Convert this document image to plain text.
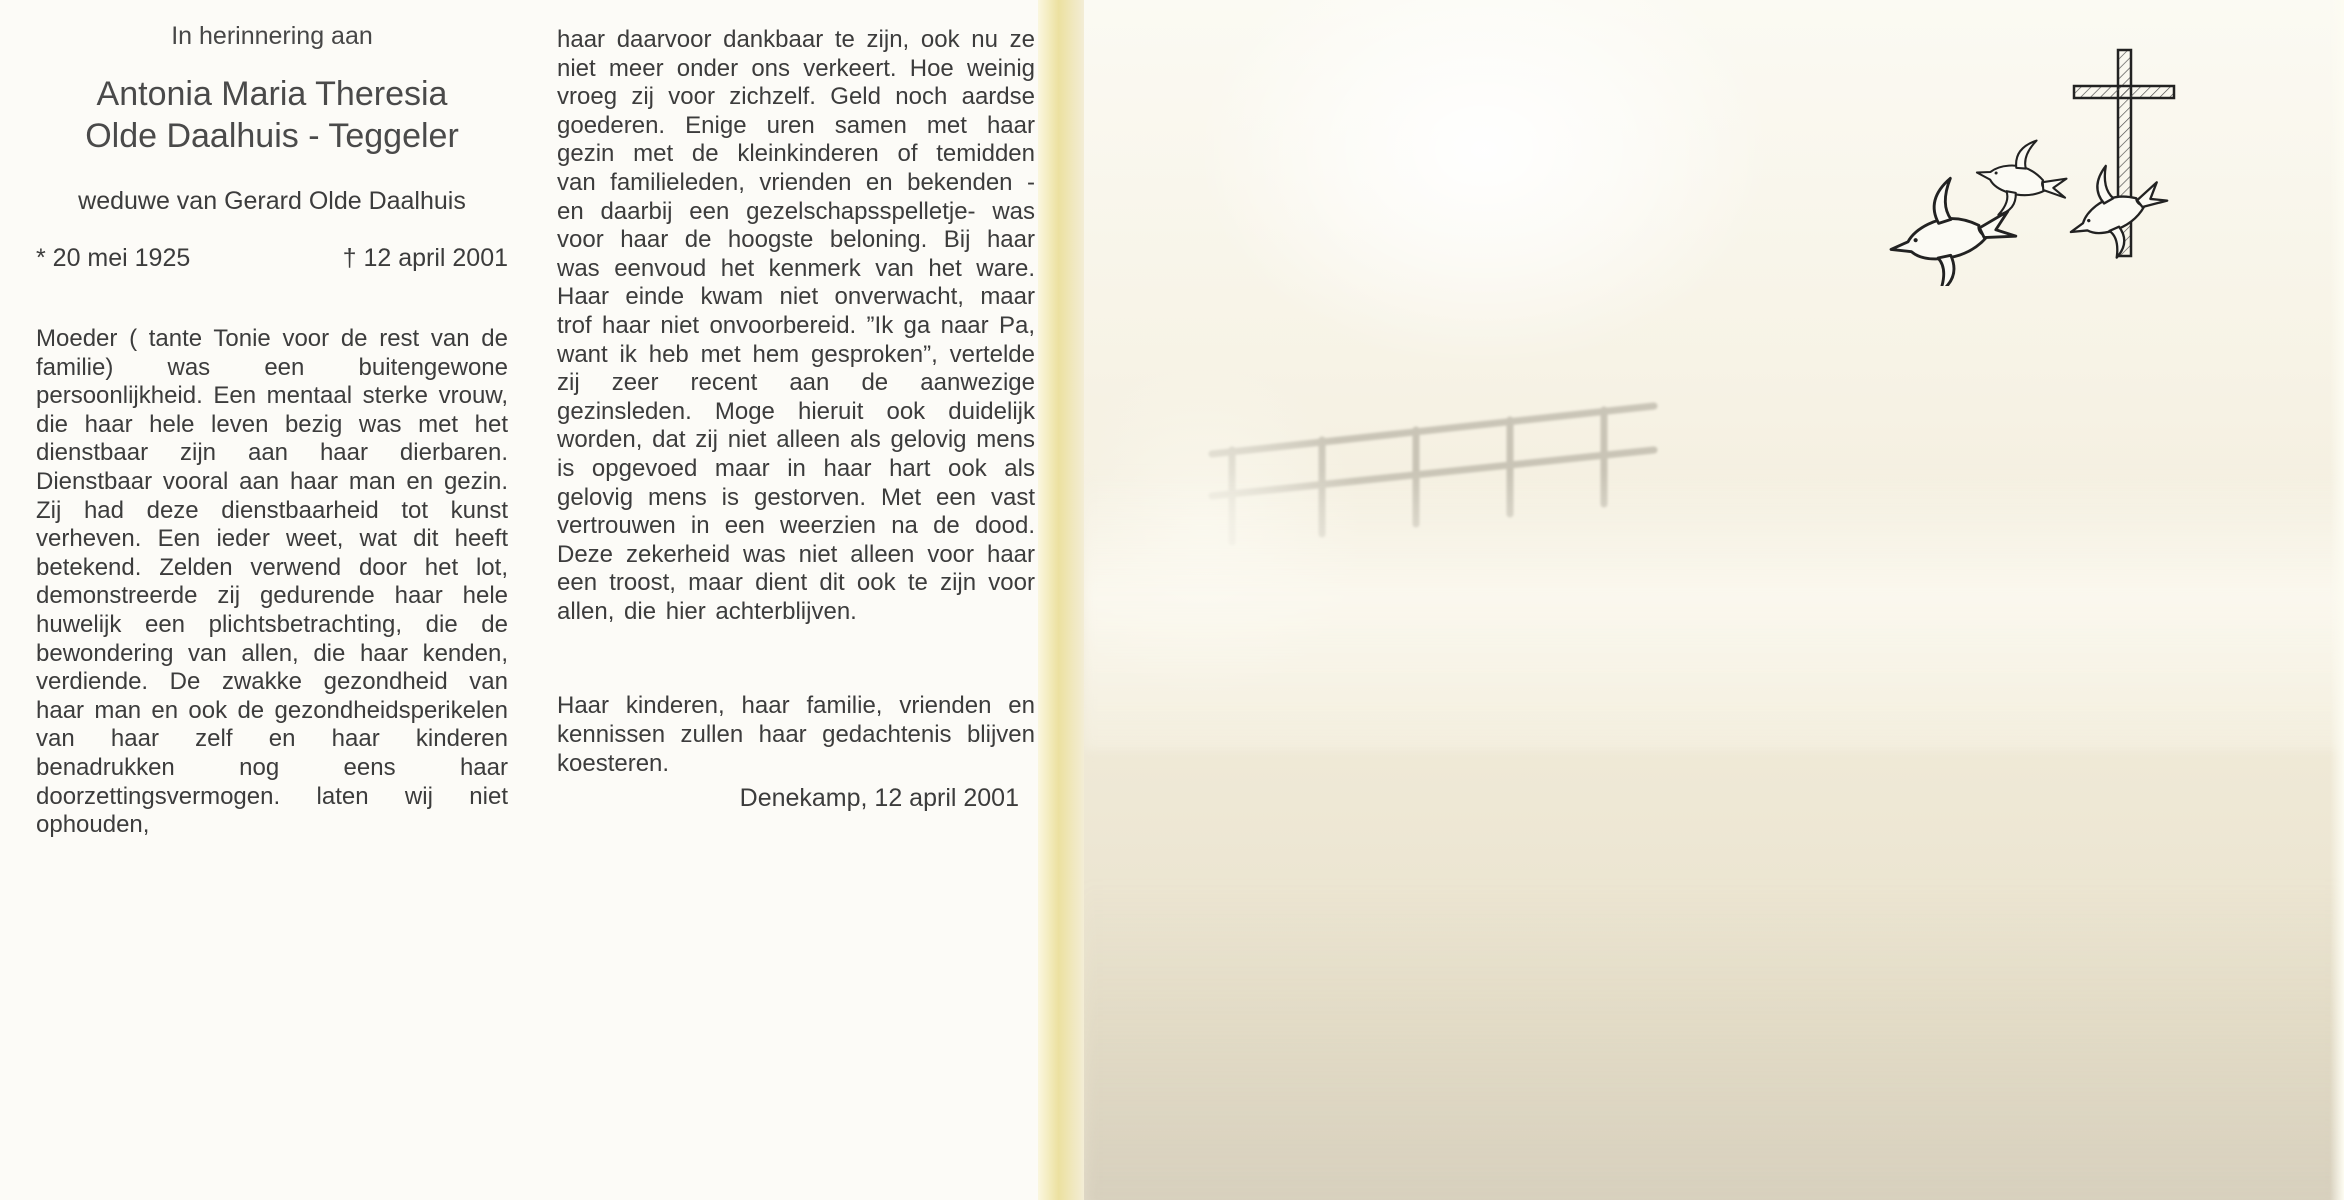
In herinnering aan
Antonia Maria Theresia
Olde Daalhuis - Teggeler
weduwe van Gerard Olde Daalhuis
* 20 mei 1925	† 12 april 2001
Moeder ( tante Tonie voor de rest van de familie) was een buitengewone persoonlijkheid. Een mentaal sterke vrouw, die haar hele leven bezig was met het dienstbaar zijn aan haar dierbaren. Dienstbaar vooral aan haar man en gezin. Zij had deze dienstbaarheid tot kunst verheven. Een ieder weet, wat dit heeft betekend. Zelden verwend door het lot, demonstreerde zij gedurende haar hele huwelijk een plichtsbetrachting, die de bewondering van allen, die haar kenden, verdiende. De zwakke gezondheid van haar man en ook de gezondheidsperikelen van haar zelf en haar kinderen benadrukken nog eens haar doorzettingsvermogen. laten wij niet ophouden,
haar daarvoor dankbaar te zijn, ook nu ze niet meer onder ons verkeert. Hoe weinig vroeg zij voor zichzelf. Geld noch aardse goederen. Enige uren samen met haar gezin met de kleinkinderen of temidden van familieleden, vrienden en bekenden -en daarbij een gezelschapsspelletje- was voor haar de hoogste beloning. Bij haar was eenvoud het kenmerk van het ware. Haar einde kwam niet onverwacht, maar trof haar niet onvoorbereid. ”Ik ga naar Pa, want ik heb met hem gesproken”, vertelde zij zeer recent aan de aanwezige gezinsleden. Moge hieruit ook duidelijk worden, dat zij niet alleen als gelovig mens is opgevoed maar in haar hart ook als gelovig mens is gestorven. Met een vast vertrouwen in een weerzien na de dood. Deze zekerheid was niet alleen voor haar een troost, maar dient dit ook te zijn voor allen, die hier achterblijven.
Haar kinderen, haar familie, vrienden en kennissen zullen haar gedachtenis blijven koesteren.
Denekamp, 12 april 2001
